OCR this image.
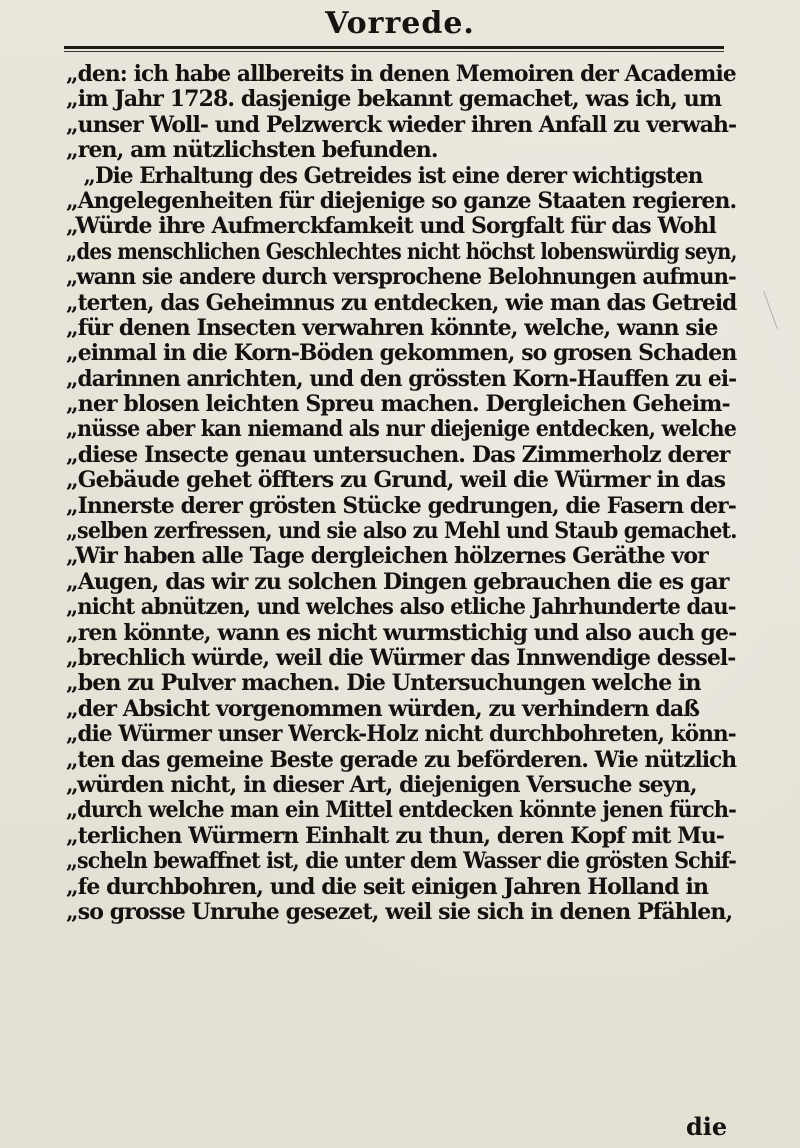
Vorrede.
„den: ich habe allbereits in denen Memoiren der Academie
„im Jahr 1728. dasjenige bekannt gemachet, was ich, um
„unser Woll- und Pelzwerck wieder ihren Anfall zu verwah-
„ren, am nützlichsten befunden.
„Die Erhaltung des Getreides ist eine derer wichtigsten
„Angelegenheiten für diejenige so ganze Staaten regieren.
„Würde ihre Aufmerckfamkeit und Sorgfalt für das Wohl
„des menschlichen Geschlechtes nicht höchst lobenswürdig seyn,
„wann sie andere durch versprochene Belohnungen aufmun-
„terten, das Geheimnus zu entdecken, wie man das Getreid
„für denen Insecten verwahren könnte, welche, wann sie
„einmal in die Korn-Böden gekommen, so grosen Schaden
„darinnen anrichten, und den grössten Korn-Hauffen zu ei-
„ner blosen leichten Spreu machen. Dergleichen Geheim-
„nüsse aber kan niemand als nur diejenige entdecken, welche
„diese Insecte genau untersuchen. Das Zimmerholz derer
„Gebäude gehet öffters zu Grund, weil die Würmer in das
„Innerste derer grösten Stücke gedrungen, die Fasern der-
„selben zerfressen, und sie also zu Mehl und Staub gemachet.
„Wir haben alle Tage dergleichen hölzernes Geräthe vor
„Augen, das wir zu solchen Dingen gebrauchen die es gar
„nicht abnützen, und welches also etliche Jahrhunderte dau-
„ren könnte, wann es nicht wurmstichig und also auch ge-
„brechlich würde, weil die Würmer das Innwendige dessel-
„ben zu Pulver machen. Die Untersuchungen welche in
„der Absicht vorgenommen würden, zu verhindern daß
„die Würmer unser Werck-Holz nicht durchbohreten, könn-
„ten das gemeine Beste gerade zu beförderen. Wie nützlich
„würden nicht, in dieser Art, diejenigen Versuche seyn,
„durch welche man ein Mittel entdecken könnte jenen fürch-
„terlichen Würmern Einhalt zu thun, deren Kopf mit Mu-
„scheln bewaffnet ist, die unter dem Wasser die grösten Schif-
„fe durchbohren, und die seit einigen Jahren Holland in
„so grosse Unruhe gesezet, weil sie sich in denen Pfählen,
die
